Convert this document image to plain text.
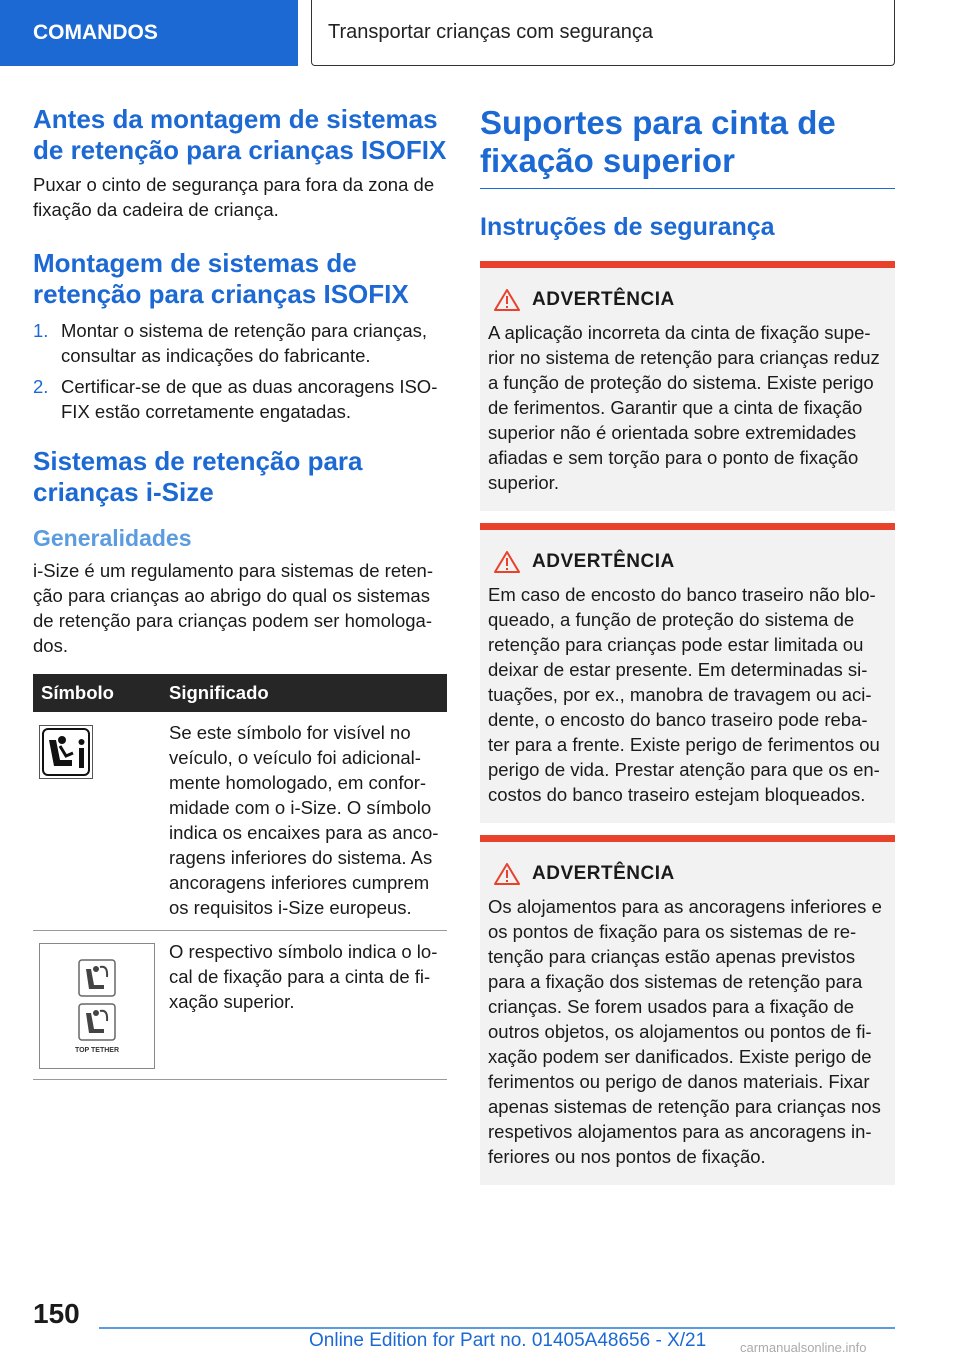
COMANDOS	Transportar crianças com segurança
Antes da montagem de sistemas de retenção para crianças ISOFIX

Puxar o cinto de segurança para fora da zona de fixação da cadeira de criança.

Montagem de sistemas de retenção para crianças ISOFIX
1. Montar o sistema de retenção para crianças, consultar as indicações do fabricante.
2. Certificar-se de que as duas ancoragens ISO-FIX estão corretamente engatadas.
Sistemas de retenção para crianças i-Size
Generalidades

i-Size é um regulamento para sistemas de reten-ção para crianças ao abrigo do qual os sistemas de retenção para crianças podem ser homologa-dos.

Símbolo	Significado

	Se este símbolo for visível no veículo, o veículo foi adicional-mente homologado, em confor-midade com o i-Size. O símbolo indica os encaixes para as anco-ragens inferiores do sistema. As ancoragens inferiores cumprem os requisitos i-Size europeus.

TOP TETHER	O respectivo símbolo indica o lo-cal de fixação para a cinta de fi-xação superior.
Suportes para cinta de fixação superior
Instruções de segurança
ADVERTÊNCIA
A aplicação incorreta da cinta de fixação supe-rior no sistema de retenção para crianças reduz a função de proteção do sistema. Existe perigo de ferimentos. Garantir que a cinta de fixação superior não é orientada sobre extremidades afiadas e sem torção para o ponto de fixação superior.
ADVERTÊNCIA
Em caso de encosto do banco traseiro não blo-queado, a função de proteção do sistema de retenção para crianças pode estar limitada ou deixar de estar presente. Em determinadas si-tuações, por ex., manobra de travagem ou aci-dente, o encosto do banco traseiro pode reba-ter para a frente. Existe perigo de ferimentos ou perigo de vida. Prestar atenção para que os en-costos do banco traseiro estejam bloqueados.
ADVERTÊNCIA
Os alojamentos para as ancoragens inferiores e os pontos de fixação para os sistemas de re-tenção para crianças estão apenas previstos para a fixação dos sistemas de retenção para crianças. Se forem usados para a fixação de outros objetos, os alojamentos ou pontos de fi-xação podem ser danificados. Existe perigo de ferimentos ou perigo de danos materiais. Fixar apenas sistemas de retenção para crianças nos respetivos alojamentos para as ancoragens in-feriores ou nos pontos de fixação.
150
Online Edition for Part no. 01405A48656 - X/21	carmanualsonline.info
